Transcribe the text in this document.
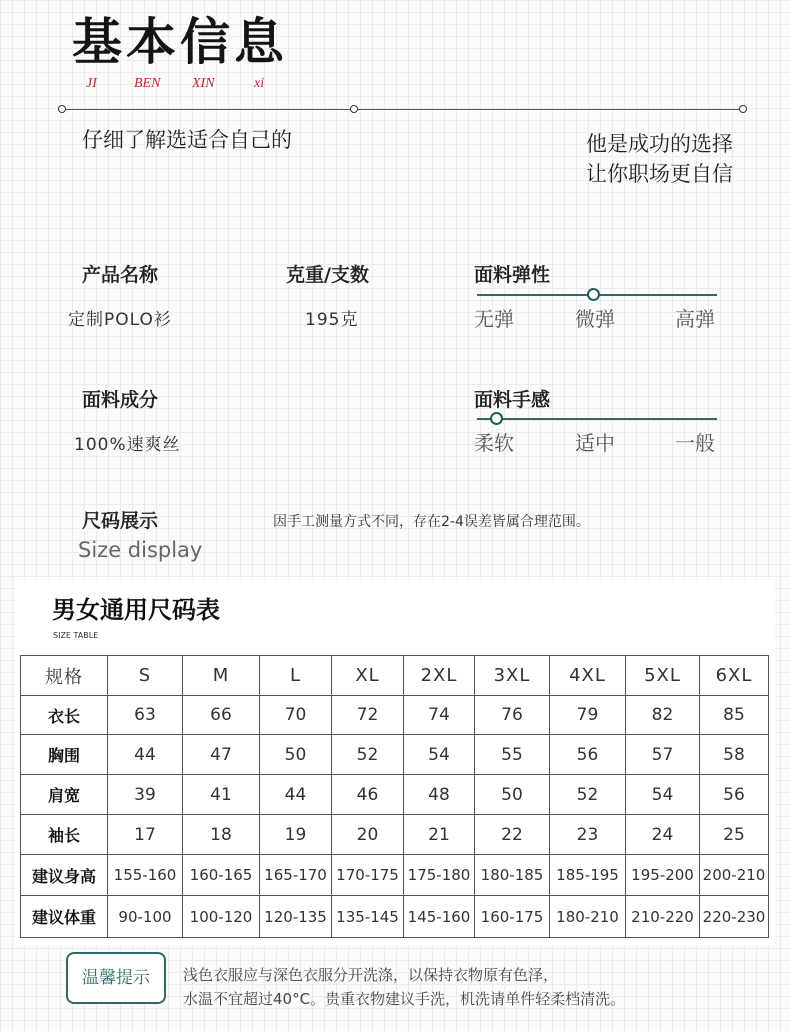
基本信息
JI	BEN XIN	xi
仔细了解选适合自己的	他是成功的选择
让你职场更自信
产品名称
定制POLO衫
克重/支数
195克
面料弹性
无弹	微弹	高弹
面料成分
100%速爽丝
面料手感
柔软	适中	一般
尺码展示
Size display
因手工测量方式不同，存在2-4误差皆属合理范围。
男女通用尺码表
SIZE TABLE
规格	S	M	L	XL	2XL	3XL	4XL	5XL	6XL
衣长	63	66	70	72	74	76	79	82	85
胸围	44	47	50	52	54	55	56	57	58
肩宽	39	41	44	46	48	50	52	54	56
袖长	17	18	19	20	21	22	23	24	25
建议身高	155-160	160-165	165-170	170-175	175-180	180-185	185-195	195-200	200-210
建议体重	90-100	100-120	120-135	135-145	145-160	160-175	180-210	210-220	220-230
温馨提示	浅色衣服应与深色衣服分开洗涤，以保持衣物原有色泽，
水温不宜超过40°C。贵重衣物建议手洗，机洗请单件轻柔档清洗。
